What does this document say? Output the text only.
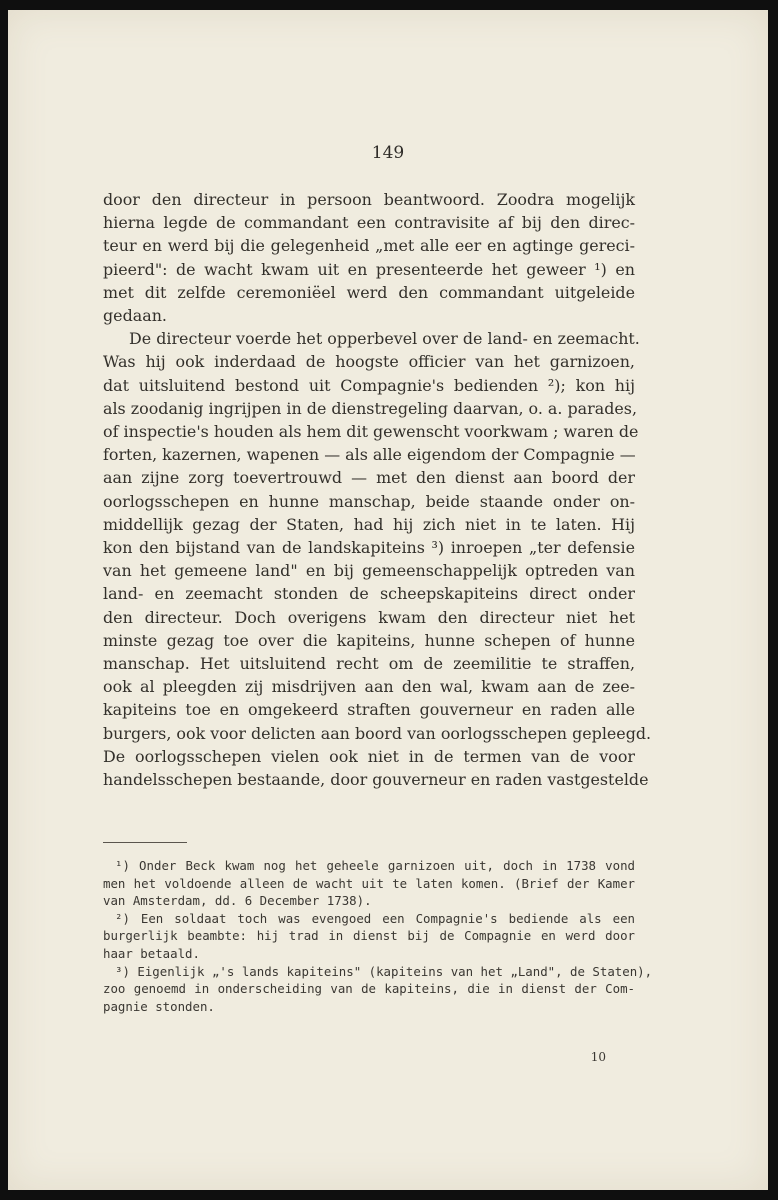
149
door den directeur in persoon beantwoord. Zoodra mogelijk
hierna legde de commandant een contravisite af bij den direc-
teur en werd bij die gelegenheid „met alle eer en agtinge gereci-
pieerd": de wacht kwam uit en presenteerde het geweer ¹) en
met dit zelfde ceremoniëel werd den commandant uitgeleide
gedaan.
De directeur voerde het opperbevel over de land- en zeemacht.
Was hij ook inderdaad de hoogste officier van het garnizoen,
dat uitsluitend bestond uit Compagnie's bedienden ²); kon hij
als zoodanig ingrijpen in de dienstregeling daarvan, o. a. parades,
of inspectie's houden als hem dit gewenscht voorkwam ; waren de
forten, kazernen, wapenen — als alle eigendom der Compagnie —
aan zijne zorg toevertrouwd — met den dienst aan boord der
oorlogsschepen en hunne manschap, beide staande onder on-
middellijk gezag der Staten, had hij zich niet in te laten. Hij
kon den bijstand van de landskapiteins ³) inroepen „ter defensie
van het gemeene land" en bij gemeenschappelijk optreden van
land- en zeemacht stonden de scheepskapiteins direct onder
den directeur. Doch overigens kwam den directeur niet het
minste gezag toe over die kapiteins, hunne schepen of hunne
manschap. Het uitsluitend recht om de zeemilitie te straffen,
ook al pleegden zij misdrijven aan den wal, kwam aan de zee-
kapiteins toe en omgekeerd straften gouverneur en raden alle
burgers, ook voor delicten aan boord van oorlogsschepen gepleegd.
De oorlogsschepen vielen ook niet in de termen van de voor
handelsschepen bestaande, door gouverneur en raden vastgestelde
¹) Onder Beck kwam nog het geheele garnizoen uit, doch in 1738 vond
men het voldoende alleen de wacht uit te laten komen. (Brief der Kamer
van Amsterdam, dd. 6 December 1738).
²) Een soldaat toch was evengoed een Compagnie's bediende als een
burgerlijk beambte: hij trad in dienst bij de Compagnie en werd door
haar betaald.
³) Eigenlijk „'s lands kapiteins" (kapiteins van het „Land", de Staten),
zoo genoemd in onderscheiding van de kapiteins, die in dienst der Com-
pagnie stonden.
10
